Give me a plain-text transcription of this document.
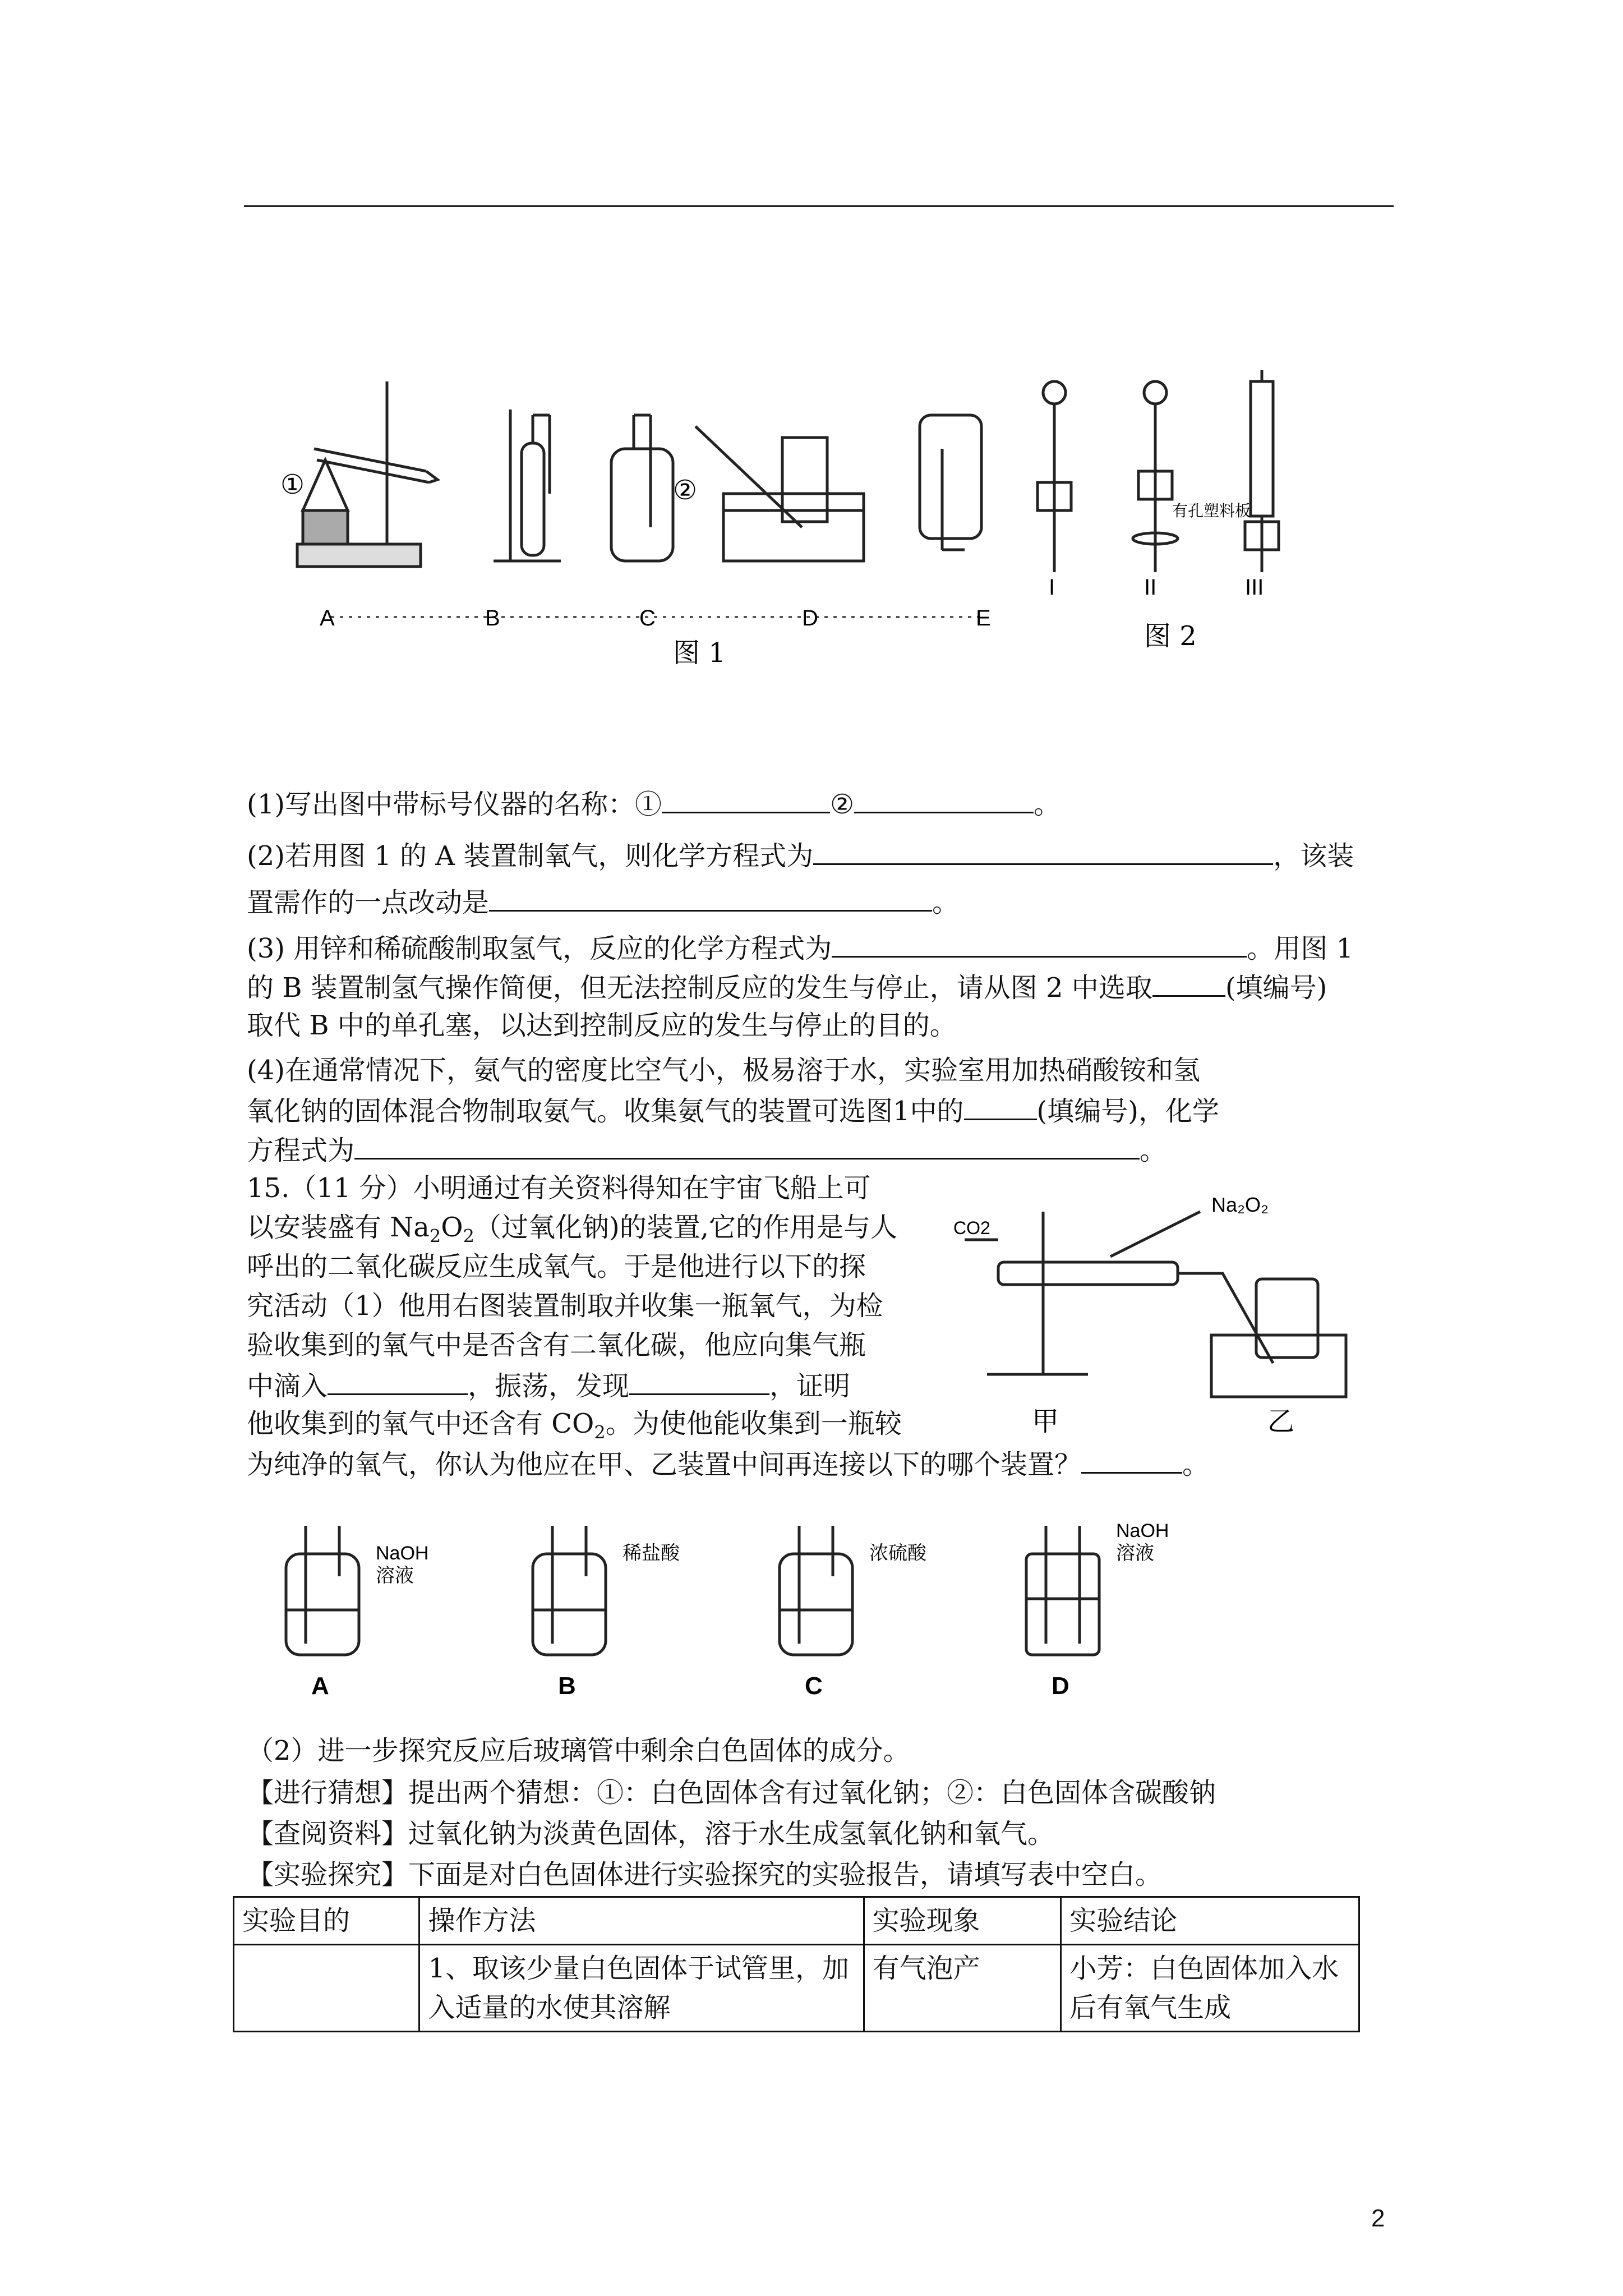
①	②
A	B	C	D	E
图 1
有孔塑料板
I	II	III
图 2
(1)写出图中带标号仪器的名称：①	②	。
(2)若用图 1 的 A 装置制氧气，则化学方程式为	，该装
置需作的一点改动是	。
(3) 用锌和稀硫酸制取氢气，反应的化学方程式为	。用图 1
的 B 装置制氢气操作简便，但无法控制反应的发生与停止，请从图 2 中选取	(填编号)
取代 B 中的单孔塞，以达到控制反应的发生与停止的目的。
(4)在通常情况下，氨气的密度比空气小，极易溶于水，实验室用加热硝酸铵和氢
氧化钠的固体混合物制取氨气。收集氨气的装置可选图1中的	(填编号)，化学
方程式为	。
15.（11 分）小明通过有关资料得知在宇宙飞船上可
以安装盛有 $Na_2O_2$（过氧化钠)的装置,它的作用是与人
呼出的二氧化碳反应生成氧气。于是他进行以下的探
究活动（1）他用右图装置制取并收集一瓶氧气，为检
验收集到的氧气中是否含有二氧化碳，他应向集气瓶
中滴入	，振荡，发现	，证明
他收集到的氧气中还含有 $CO_2$。为使他能收集到一瓶较
为纯净的氧气，你认为他应在甲、乙装置中间再连接以下的哪个装置？	。
CO2
Na₂O₂
甲	乙
NaOH
溶液
稀盐酸	浓硫酸
NaOH
溶液
A	B	C	D
（2）进一步探究反应后玻璃管中剩余白色固体的成分。
【进行猜想】提出两个猜想：①：白色固体含有过氧化钠；②：白色固体含碳酸钠
【查阅资料】过氧化钠为淡黄色固体，溶于水生成氢氧化钠和氧气。
【实验探究】下面是对白色固体进行实验探究的实验报告，请填写表中空白。
实验目的	操作方法	实验现象	实验结论
	1、取该少量白色固体于试管里，加入适量的水使其溶解	有气泡产	小芳：白色固体加入水后有氧气生成
2
